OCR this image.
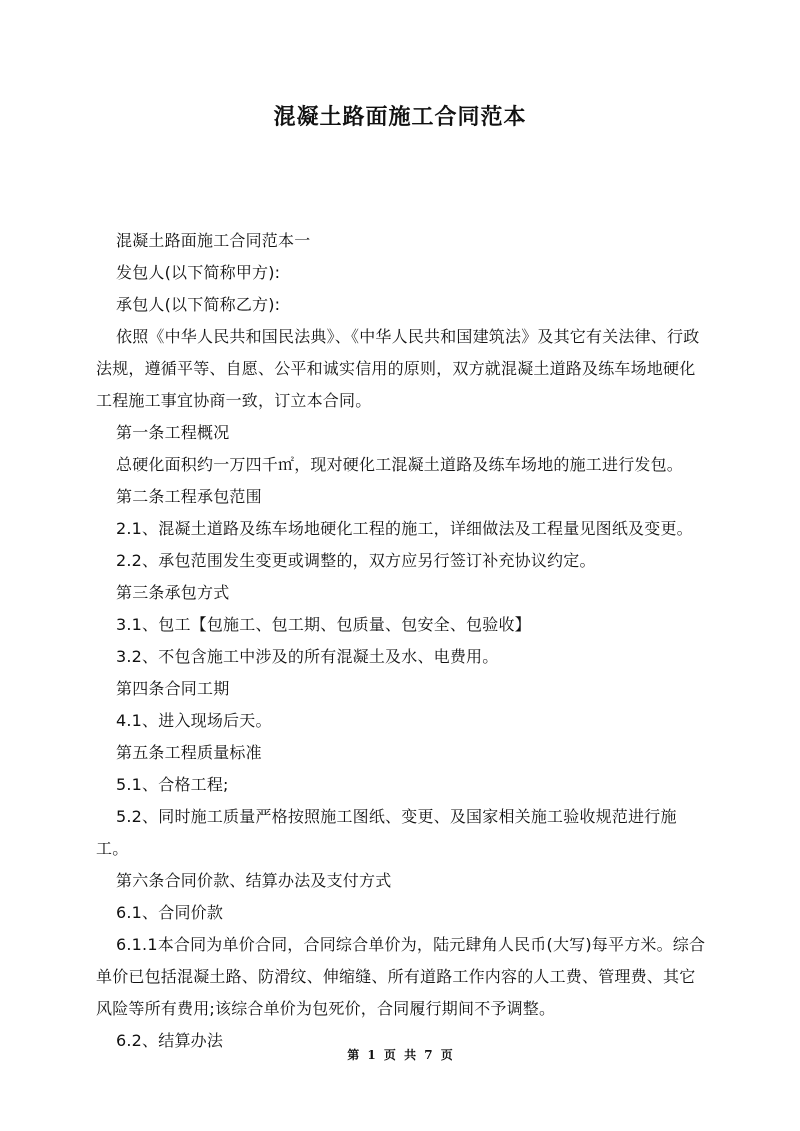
混凝土路面施工合同范本

混凝土路面施工合同范本一

发包人(以下简称甲方):

承包人(以下简称乙方):

依照《中华人民共和国民法典》、《中华人民共和国建筑法》及其它有关法律、行政法规，遵循平等、自愿、公平和诚实信用的原则，双方就混凝土道路及练车场地硬化工程施工事宜协商一致，订立本合同。

第一条工程概况

总硬化面积约一万四千㎡，现对硬化工混凝土道路及练车场地的施工进行发包。

第二条工程承包范围

2.1、混凝土道路及练车场地硬化工程的施工，详细做法及工程量见图纸及变更。

2.2、承包范围发生变更或调整的，双方应另行签订补充协议约定。

第三条承包方式

3.1、包工【包施工、包工期、包质量、包安全、包验收】

3.2、不包含施工中涉及的所有混凝土及水、电费用。

第四条合同工期

4.1、进入现场后天。

第五条工程质量标准

5.1、合格工程;

5.2、同时施工质量严格按照施工图纸、变更、及国家相关施工验收规范进行施工。

第六条合同价款、结算办法及支付方式

6.1、合同价款

6.1.1本合同为单价合同，合同综合单价为，陆元肆角人民币(大写)每平方米。综合单价已包括混凝土路、防滑纹、伸缩缝、所有道路工作内容的人工费、管理费、其它风险等所有费用;该综合单价为包死价，合同履行期间不予调整。

6.2、结算办法

第 1 页 共 7 页
